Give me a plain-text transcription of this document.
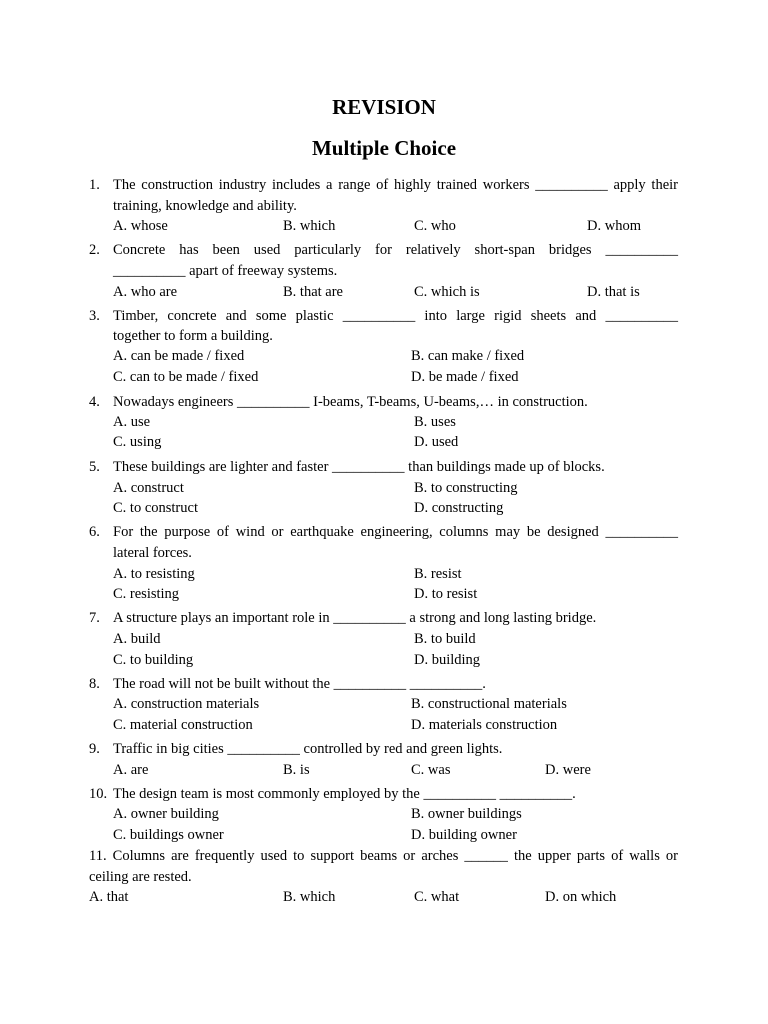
REVISION
Multiple Choice
1. The construction industry includes a range of highly trained workers __________ apply their
training, knowledge and ability.
A. whose	B. which	C. who	D. whom
2. Concrete has been used particularly for relatively short-span bridges __________
__________ apart of freeway systems.
A. who are	B. that are	C. which is	D. that is
3. Timber, concrete and some plastic __________ into large rigid sheets and __________
together to form a building.
A. can be made / fixed	B. can make / fixed
C. can to be made / fixed	D. be made / fixed
4. Nowadays engineers __________ I-beams, T-beams, U-beams,… in construction.
A. use	B. uses
C. using	D. used
5. These buildings are lighter and faster __________ than buildings made up of blocks.
A. construct	B. to constructing
C. to construct	D. constructing
6. For the purpose of wind or earthquake engineering, columns may be designed __________
lateral forces.
A. to resisting	B. resist
C. resisting	D. to resist
7. A structure plays an important role in __________ a strong and long lasting bridge.
A. build	B. to build
C. to building	D. building
8. The road will not be built without the __________ __________.
A. construction materials	B. constructional materials
C. material construction	D. materials construction
9. Traffic in big cities __________ controlled by red and green lights.
A. are	B. is	C. was	D. were
10. The design team is most commonly employed by the __________ __________.
A. owner building	B. owner buildings
C. buildings owner	D. building owner
11. Columns are frequently used to support beams or arches ______ the upper parts of walls or
ceiling are rested.
A. that	B. which	C. what	D. on which
